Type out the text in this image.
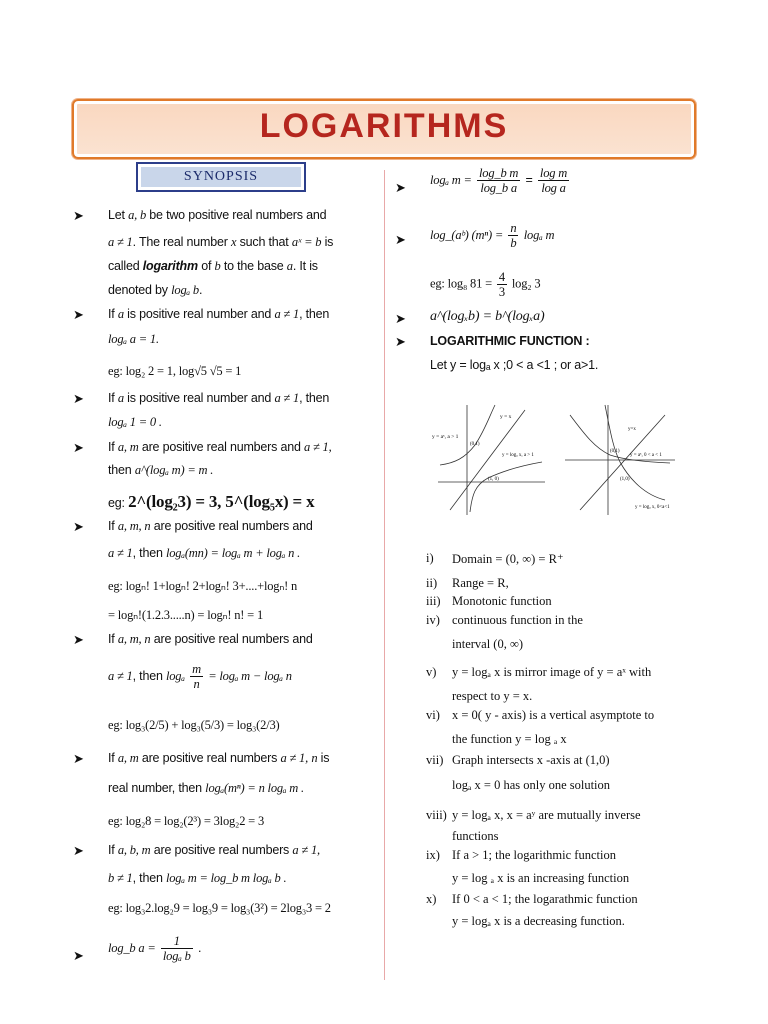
LOGARITHMS
SYNOPSIS
➤ Let a, b be two positive real numbers and
a ≠ 1. The real number x such that aˣ = b is
called logarithm of b to the base a. It is
denoted by logₐ b.
➤ If a is positive real number and a ≠ 1, then
logₐ a = 1.
eg: log₂ 2 = 1, log√5 √5 = 1
➤ If a is positive real number and a ≠ 1, then
logₐ 1 = 0 .
➤ If a, m are positive real numbers and a ≠ 1,
then a^(logₐ m) = m .
eg: 2^(log₂3) = 3, 5^(log₅x) = x
➤ If a, m, n are positive real numbers and
a ≠ 1, then logₐ(mn) = logₐ m + logₐ n .
eg: logₙ! 1+logₙ! 2+logₙ! 3+....+logₙ! n
= logₙ!(1.2.3.....n) = logₙ! n! = 1
➤ If a, m, n are positive real numbers and
a ≠ 1, then logₐ $\frac{m}{n} = \log_a$ m − logₐ n
eg: log₃(2/5) + log₃(5/3) = log₃(2/3)
➤ If a, m are positive real numbers a ≠ 1, n is
real number, then logₐ(mⁿ) = n logₐ m .
eg: log₂8 = log₂(2³) = 3log₂2 = 3
➤ If a, b, m are positive real numbers a ≠ 1,
b ≠ 1, then logₐ m = log_b m logₐ b .
eg: log₃2.log₂9 = log₃9 = log₃(3²) = 2log₃3 = 2
➤
log_b $a = \frac{1}{\text{logₐ b}}$ .
➤
logₐ $m = \frac{\text{log\_b m}}{\text{log\_b a}} = \frac{\text{log m}}{\text{log a}}$
➤ log_(aᵇ) $(m^n) = \frac{n}{b}$ logₐ m
eg: log₈ $81 = \frac{4}{3} \log_2$ 3
➤ a^(logₓb) = b^(logₓa)
➤ LOGARITHMIC FUNCTION :
Let y = logₐ x ;0 < a <1 ; or a>1.
y = x
y = aˣ, a > 1
(0,1)
y = logₐ x, a > 1
(1, 0)
y=x
y = aˣ, 0 < a < 1
(0,1)
(1,0)
y = logₐ x, 0<a<1
i) Domain = (0, ∞) = R⁺
ii) Range = R,
iii) Monotonic function
iv) continuous function in the
interval (0, ∞)
v) y = logₐ x is mirror image of y = aˣ with
respect to y = x.
vi) x = 0( y - axis) is a vertical asymptote to
the function y = log ₐ x
vii) Graph intersects x -axis at (1,0)
logₐ x = 0 has only one solution
viii) y = logₐ x, x = aʸ are mutually inverse
functions
ix) If a > 1; the logarithmic function
y = log ₐ x is an increasing function
x) If 0 < a < 1; the logarathmic function
y = logₐ x is a decreasing function.
